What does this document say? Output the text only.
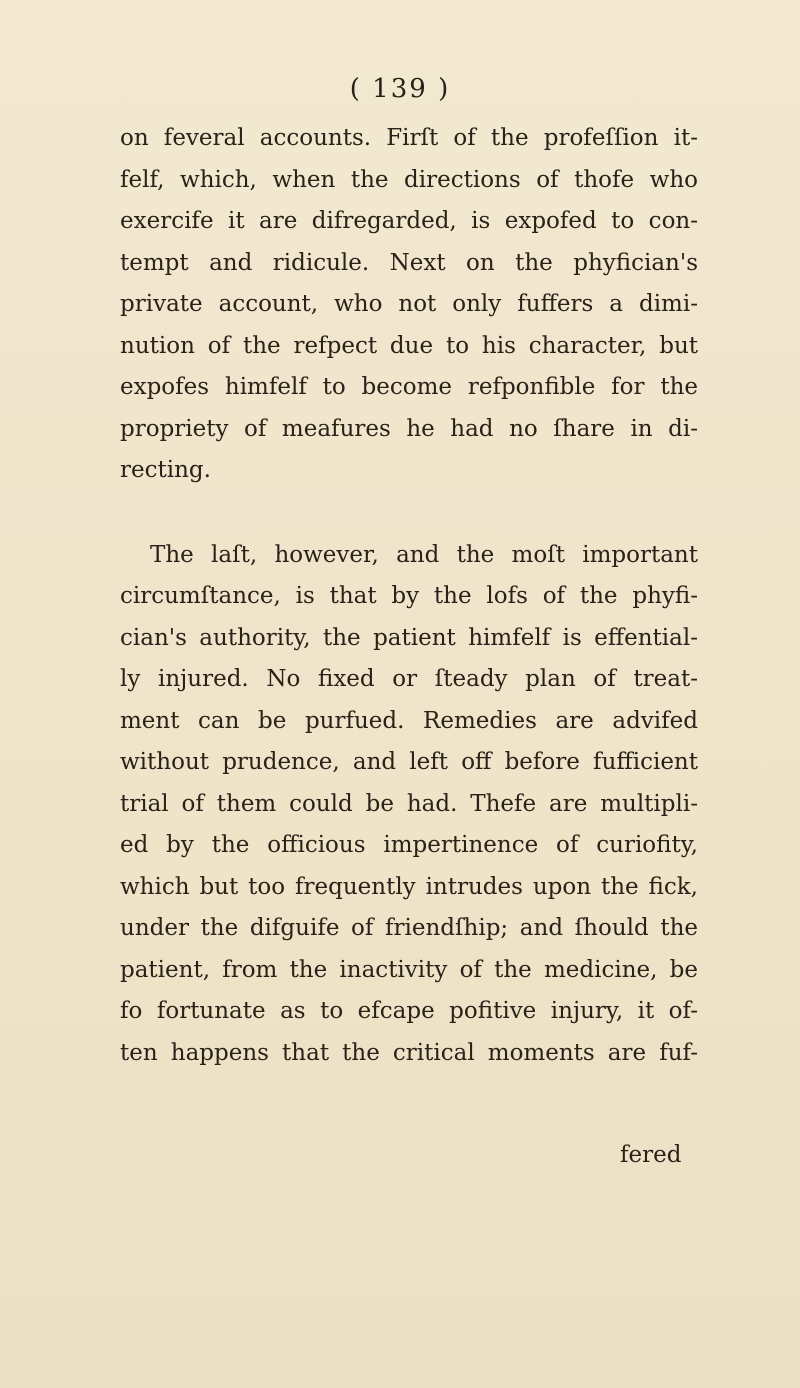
( 139 )
on feveral accounts. Firſt of the profeſſion it-
felf, which, when the directions of thofe who
exercife it are difregarded, is expofed to con-
tempt and ridicule. Next on the phyfician's
private account, who not only fuffers a dimi-
nution of the refpect due to his character, but
expofes himfelf to become refponfible for the
propriety of meafures he had no ſhare in di-
recting.
The laſt, however, and the moſt important
circumſtance, is that by the lofs of the phyfi-
cian's authority, the patient himfelf is effential-
ly injured. No fixed or ſteady plan of treat-
ment can be purfued. Remedies are advifed
without prudence, and left off before fufficient
trial of them could be had. Thefe are multipli-
ed by the officious impertinence of curiofity,
which but too frequently intrudes upon the fick,
under the difguife of friendſhip; and ſhould the
patient, from the inactivity of the medicine, be
fo fortunate as to efcape pofitive injury, it of-
ten happens that the critical moments are fuf-
fered
